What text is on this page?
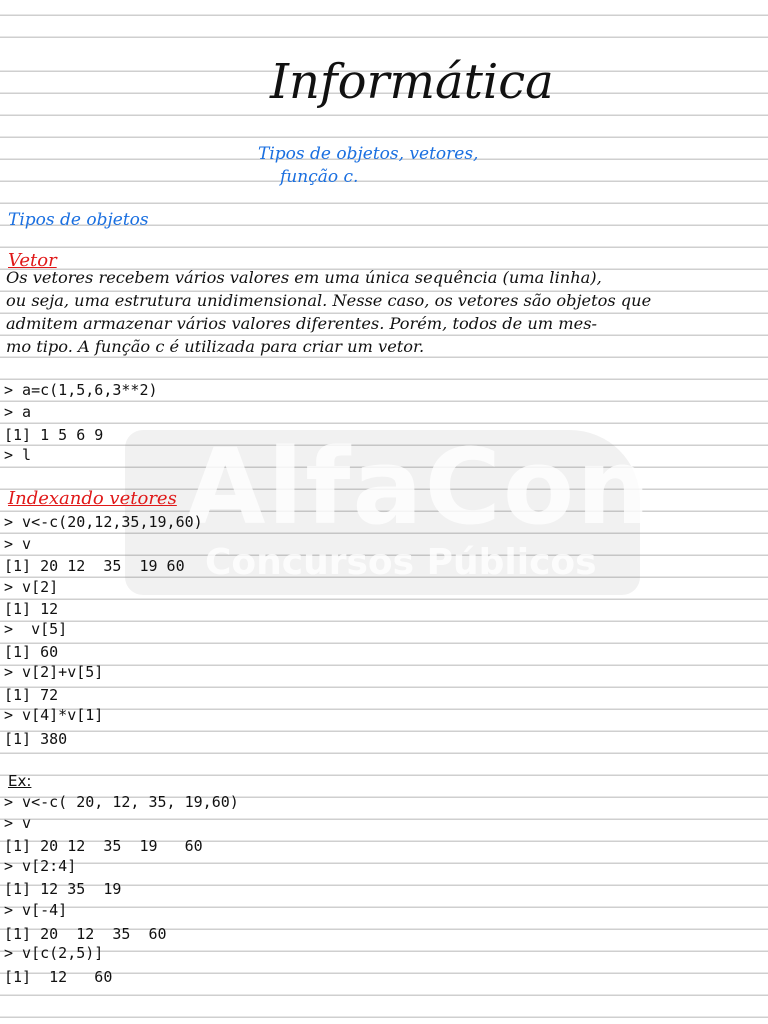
AlfaCon
Concursos Públicos
Informática
Tipos de objetos, vetores,
função c.
Tipos de objetos
Vetor
Os vetores recebem vários valores em uma única sequência (uma linha),
ou seja, uma estrutura unidimensional. Nesse caso, os vetores são objetos que
admitem armazenar vários valores diferentes. Porém, todos de um mes-
mo tipo. A função c é utilizada para criar um vetor.
> a=c(1,5,6,3**2)
> a
[1] 1 5 6 9
> l
Indexando vetores
> v<-c(20,12,35,19,60)
> v
[1] 20 12  35  19 60
> v[2]
[1] 12
>  v[5]
[1] 60
> v[2]+v[5]
[1] 72
> v[4]*v[1]
[1] 380
Ex:
> v<-c( 20, 12, 35, 19,60)
> v
[1] 20 12  35  19   60
> v[2:4]
[1] 12 35  19
> v[-4]
[1] 20  12  35  60
> v[c(2,5)]
[1]  12   60
